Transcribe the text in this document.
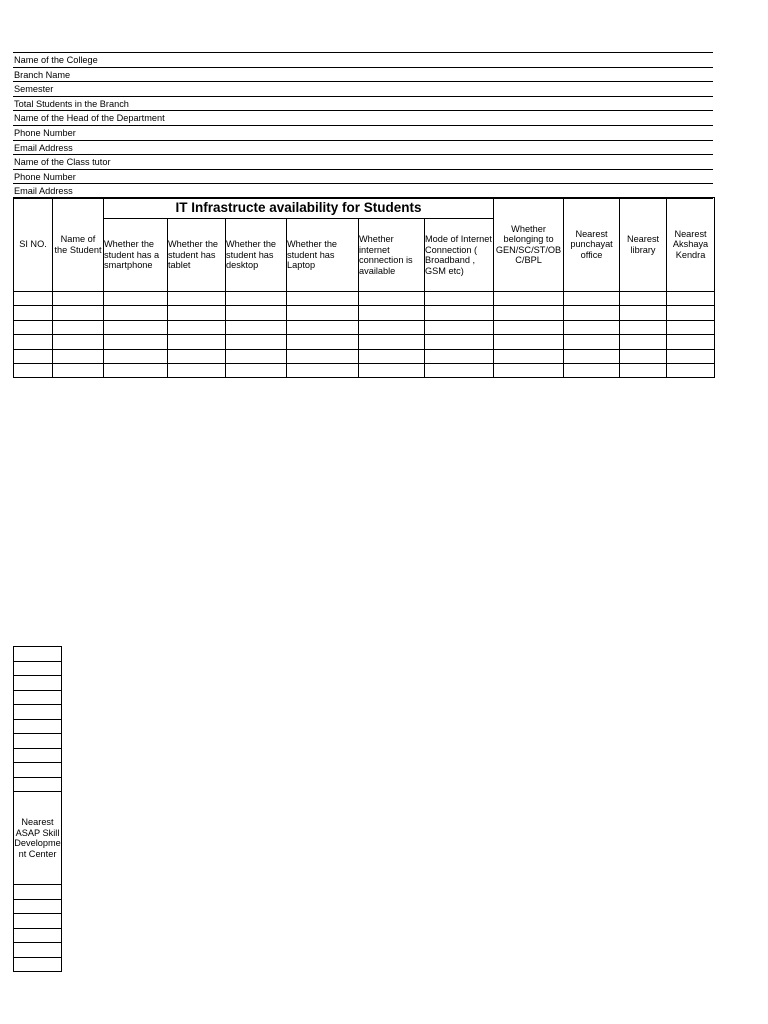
Name of the College
Branch Name
Semester
Total Students in the Branch
Name of the Head of the Department
Phone Number
Email Address
Name of the Class tutor
Phone Number
Email Address
SI NO.	Name of the Student	IT Infrastructe availability for Students						Whether belonging to GEN/SC/ST/OBC/BPL	Nearest punchayat office	Nearest library	Nearest Akshaya Kendra
		Whether the student has a smartphone	Whether the student has tablet	Whether the student has desktop	Whether the student has Laptop	Whether internet connection is available	Mode of Internet Connection ( Broadband , GSM etc)				

Nearest ASAP Skill Development Center
